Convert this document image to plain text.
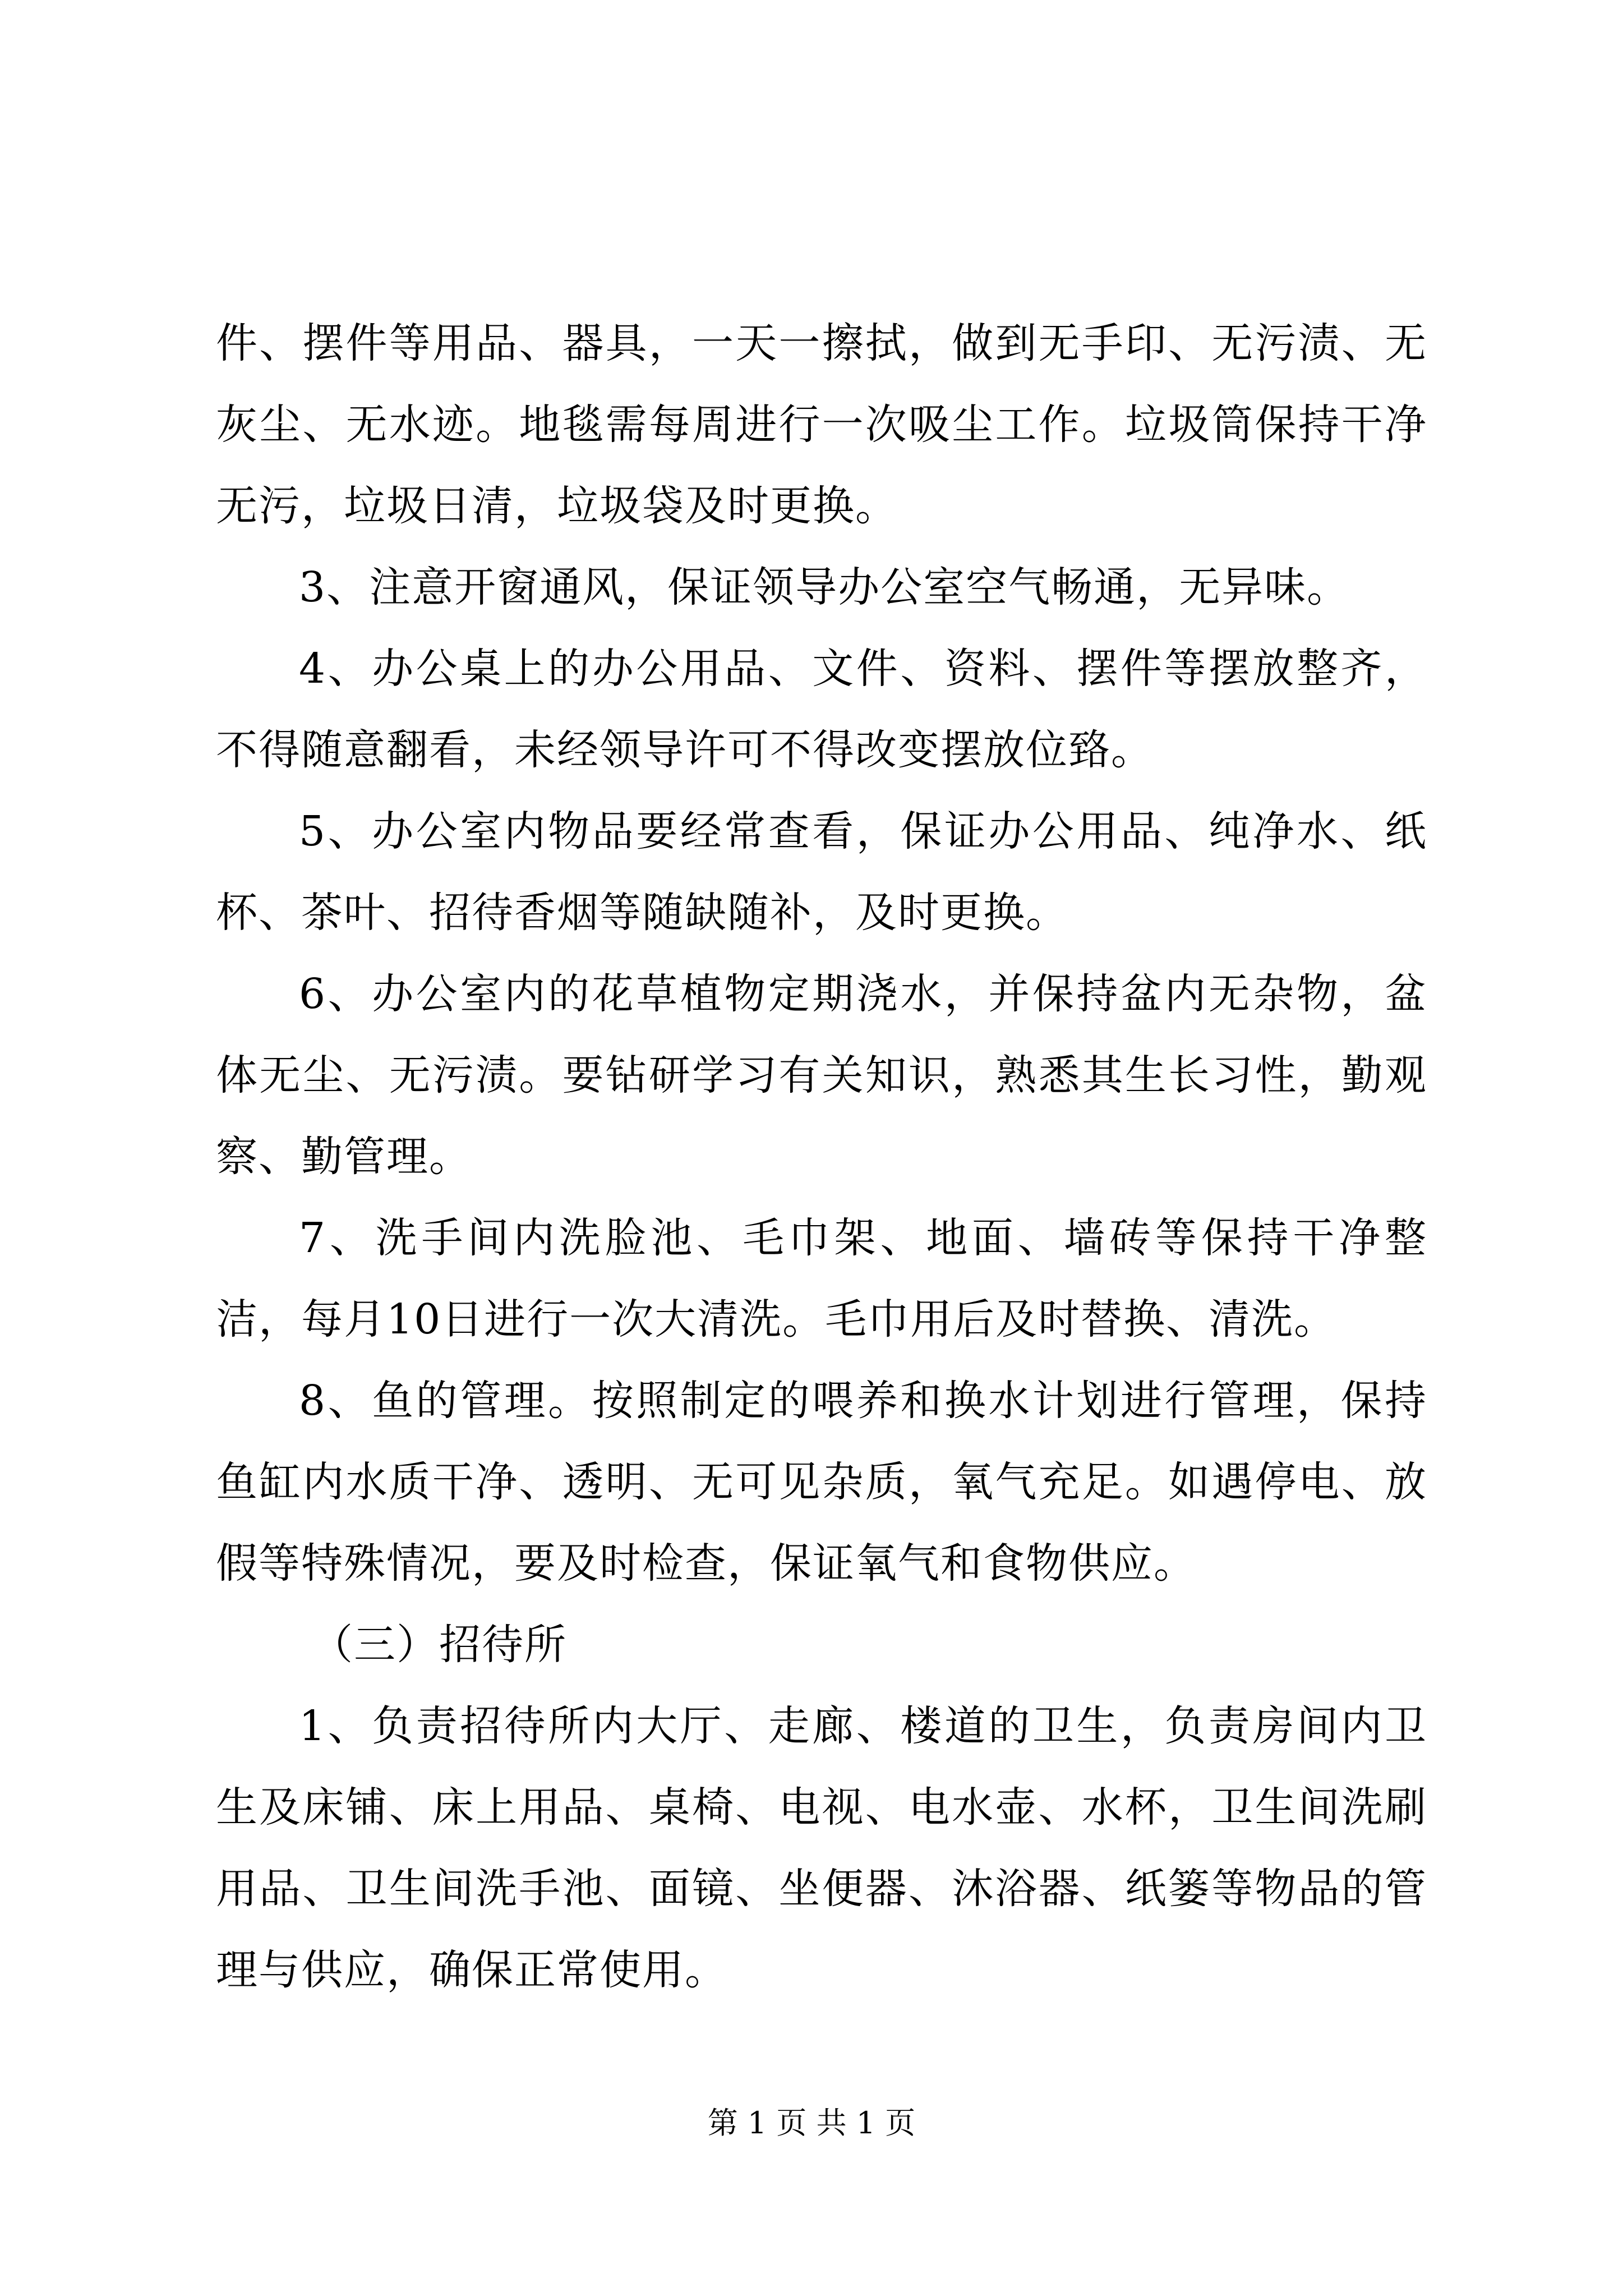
件、摆件等用品、器具，一天一擦拭，做到无手印、无污渍、无灰尘、无水迹。地毯需每周进行一次吸尘工作。垃圾筒保持干净无污，垃圾日清，垃圾袋及时更换。

3、注意开窗通风，保证领导办公室空气畅通，无异味。

4、办公桌上的办公用品、文件、资料、摆件等摆放整齐，不得随意翻看，未经领导许可不得改变摆放位臵。

5、办公室内物品要经常查看，保证办公用品、纯净水、纸杯、茶叶、招待香烟等随缺随补，及时更换。

6、办公室内的花草植物定期浇水，并保持盆内无杂物，盆体无尘、无污渍。要钻研学习有关知识，熟悉其生长习性，勤观察、勤管理。

7、洗手间内洗脸池、毛巾架、地面、墙砖等保持干净整洁，每月10日进行一次大清洗。毛巾用后及时替换、清洗。

8、鱼的管理。按照制定的喂养和换水计划进行管理，保持鱼缸内水质干净、透明、无可见杂质，氧气充足。如遇停电、放假等特殊情况，要及时检查，保证氧气和食物供应。

（三）招待所

1、负责招待所内大厅、走廊、楼道的卫生，负责房间内卫生及床铺、床上用品、桌椅、电视、电水壶、水杯，卫生间洗刷用品、卫生间洗手池、面镜、坐便器、沐浴器、纸篓等物品的管理与供应，确保正常使用。

第 1 页 共 1 页
